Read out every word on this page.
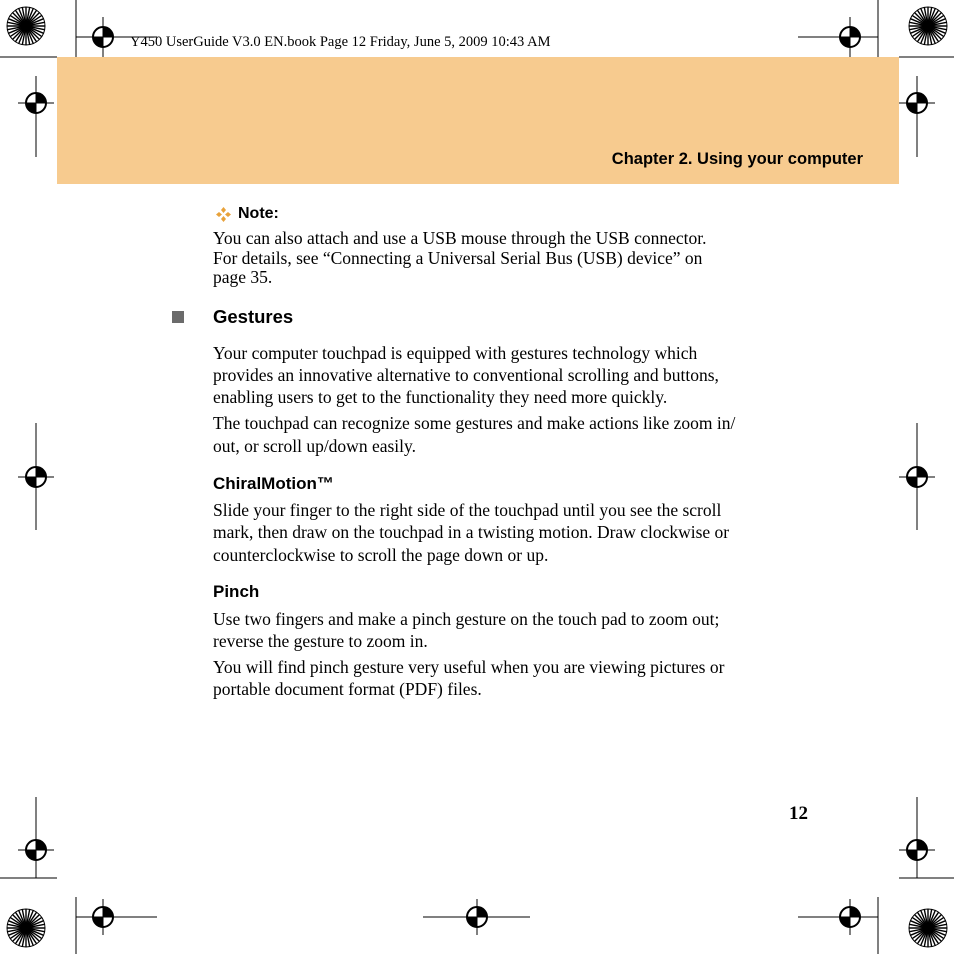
Y450 UserGuide V3.0 EN.book Page 12 Friday, June 5, 2009 10:43 AM
Chapter 2. Using your computer
Note:

You can also attach and use a USB mouse through the USB connector.

For details, see “Connecting a Universal Serial Bus (USB) device” on

page 35.

Gestures

Your computer touchpad is equipped with gestures technology which

provides an innovative alternative to conventional scrolling and buttons,

enabling users to get to the functionality they need more quickly.

The touchpad can recognize some gestures and make actions like zoom in/

out, or scroll up/down easily.

ChiralMotion™

Slide your finger to the right side of the touchpad until you see the scroll

mark, then draw on the touchpad in a twisting motion. Draw clockwise or

counterclockwise to scroll the page down or up.

Pinch

Use two fingers and make a pinch gesture on the touch pad to zoom out;

reverse the gesture to zoom in.

You will find pinch gesture very useful when you are viewing pictures or

portable document format (PDF) files.

12
